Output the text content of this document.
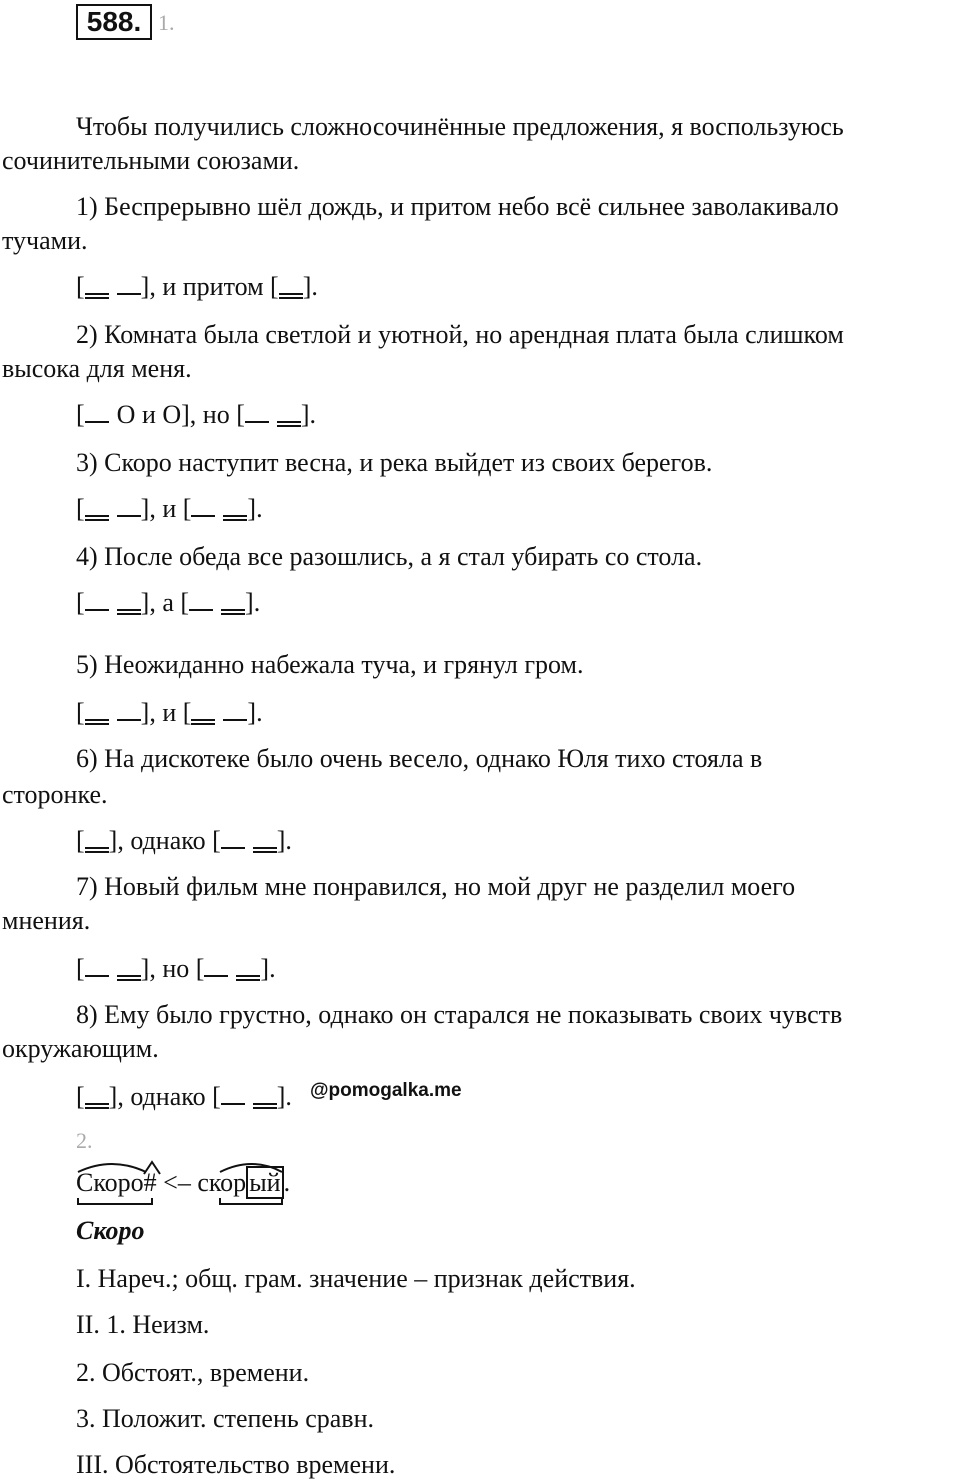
588. 1.
Чтобы получились сложносочинённые предложения, я воспользуюсь
сочинительными союзами.
1) Беспрерывно шёл дождь, и притом небо всё сильнее заволакивало
тучами.
[ ], и притом [ ].
2) Комната была светлой и уютной, но арендная плата была слишком
высока для меня.
[ О и О], но [ ].
3) Скоро наступит весна, и река выйдет из своих берегов.
[ ], и [ ].
4) После обеда все разошлись, а я стал убирать со стола.
[ ], а [ ].
5) Неожиданно набежала туча, и грянул гром.
[ ], и [ ].
6) На дискотеке было очень весело, однако Юля тихо стояла в
сторонке.
[ ], однако [ ].
7) Новый фильм мне понравился, но мой друг не разделил моего
мнения.
[ ], но [ ].
8) Ему было грустно, однако он старался не показывать своих чувств
окружающим.
[ ], однако [ ]. @pomogalka.me
2.
Скоро# <– скор ый .
Скоро
I. Нареч.; общ. грам. значение – признак действия.
II. 1. Неизм.
2. Обстоят., времени.
3. Положит. степень сравн.
III. Обстоятельство времени.
